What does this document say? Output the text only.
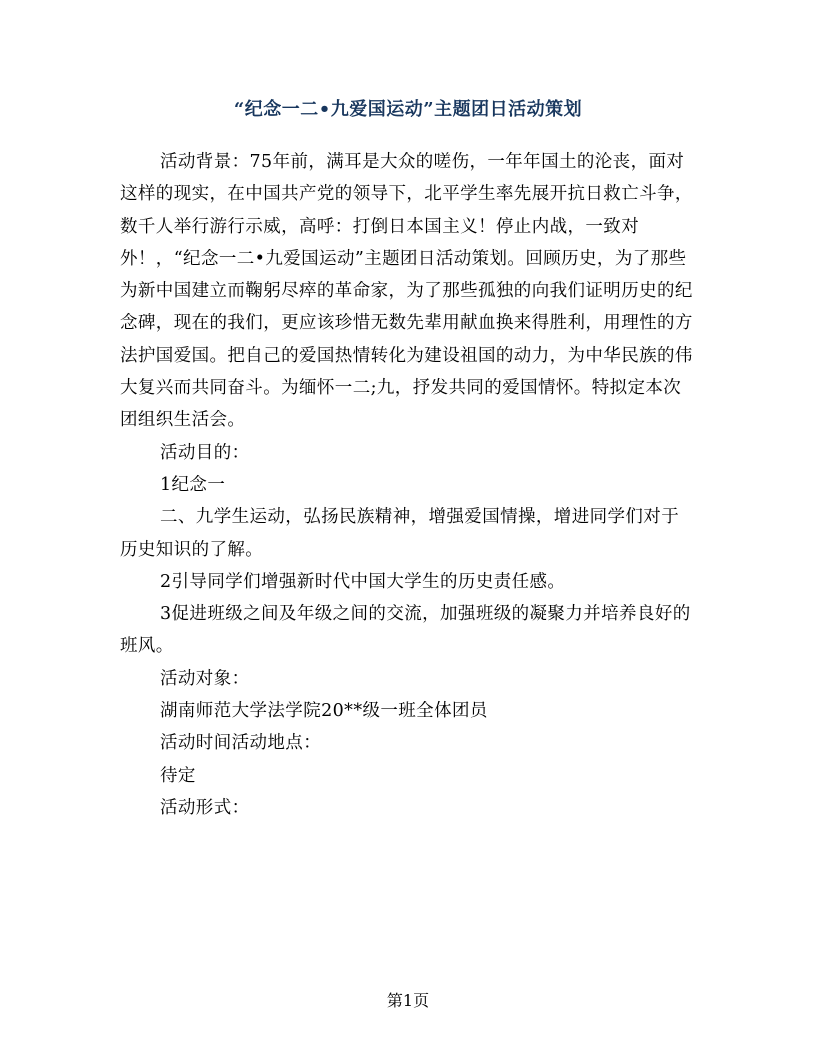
“纪念一二•九爱国运动”主题团日活动策划

活动背景：75年前，满耳是大众的嗟伤，一年年国土的沦丧，面对这样的现实，在中国共产党的领导下，北平学生率先展开抗日救亡斗争，数千人举行游行示威，高呼：打倒日本国主义！停止内战，一致对外！，“纪念一二•九爱国运动”主题团日活动策划。回顾历史，为了那些为新中国建立而鞠躬尽瘁的革命家，为了那些孤独的向我们证明历史的纪念碑，现在的我们，更应该珍惜无数先辈用献血换来得胜利，用理性的方法护国爱国。把自己的爱国热情转化为建设祖国的动力，为中华民族的伟大复兴而共同奋斗。为缅怀一二;九，抒发共同的爱国情怀。特拟定本次团组织生活会。

活动目的：

1纪念一

二、九学生运动，弘扬民族精神，增强爱国情操，增进同学们对于历史知识的了解。

2引导同学们增强新时代中国大学生的历史责任感。

3促进班级之间及年级之间的交流，加强班级的凝聚力并培养良好的班风。

活动对象：

湖南师范大学法学院20**级一班全体团员

活动时间活动地点：

待定

活动形式：

第1页
